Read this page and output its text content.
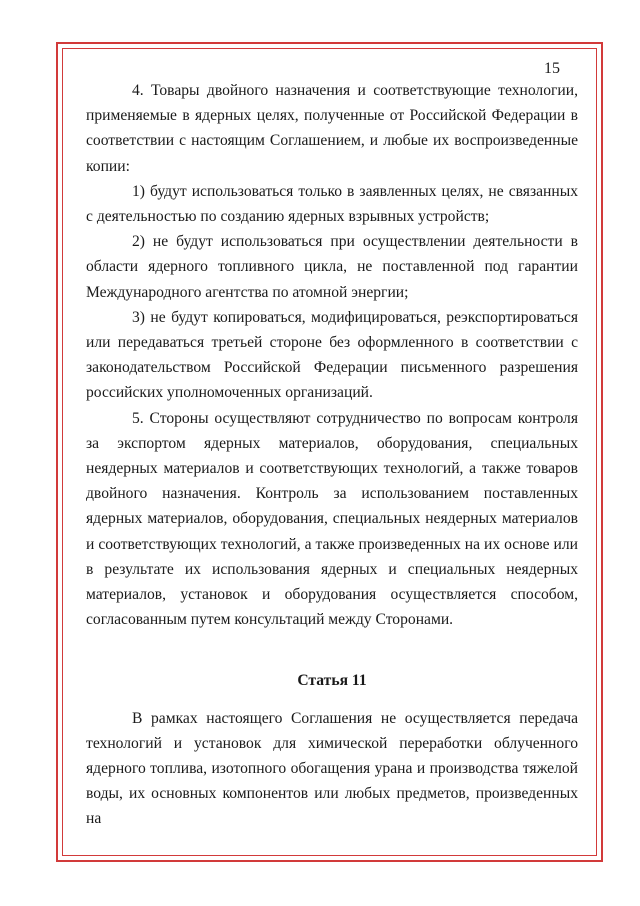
15

4. Товары двойного назначения и соответствующие технологии, применяемые в ядерных целях, полученные от Российской Федерации в соответствии с настоящим Соглашением, и любые их воспроизведенные копии:

1) будут использоваться только в заявленных целях, не связанных с деятельностью по созданию ядерных взрывных устройств;

2) не будут использоваться при осуществлении деятельности в области ядерного топливного цикла, не поставленной под гарантии Международного агентства по атомной энергии;

3) не будут копироваться, модифицироваться, реэкспортироваться или передаваться третьей стороне без оформленного в соответствии с законодательством Российской Федерации письменного разрешения российских уполномоченных организаций.

5. Стороны осуществляют сотрудничество по вопросам контроля за экспортом ядерных материалов, оборудования, специальных неядерных материалов и соответствующих технологий, а также товаров двойного назначения. Контроль за использованием поставленных ядерных материалов, оборудования, специальных неядерных материалов и соответствующих технологий, а также произведенных на их основе или в результате их использования ядерных и специальных неядерных материалов, установок и оборудования осуществляется способом, согласованным путем консультаций между Сторонами.

Статья 11

В рамках настоящего Соглашения не осуществляется передача технологий и установок для химической переработки облученного ядерного топлива, изотопного обогащения урана и производства тяжелой воды, их основных компонентов или любых предметов, произведенных на
